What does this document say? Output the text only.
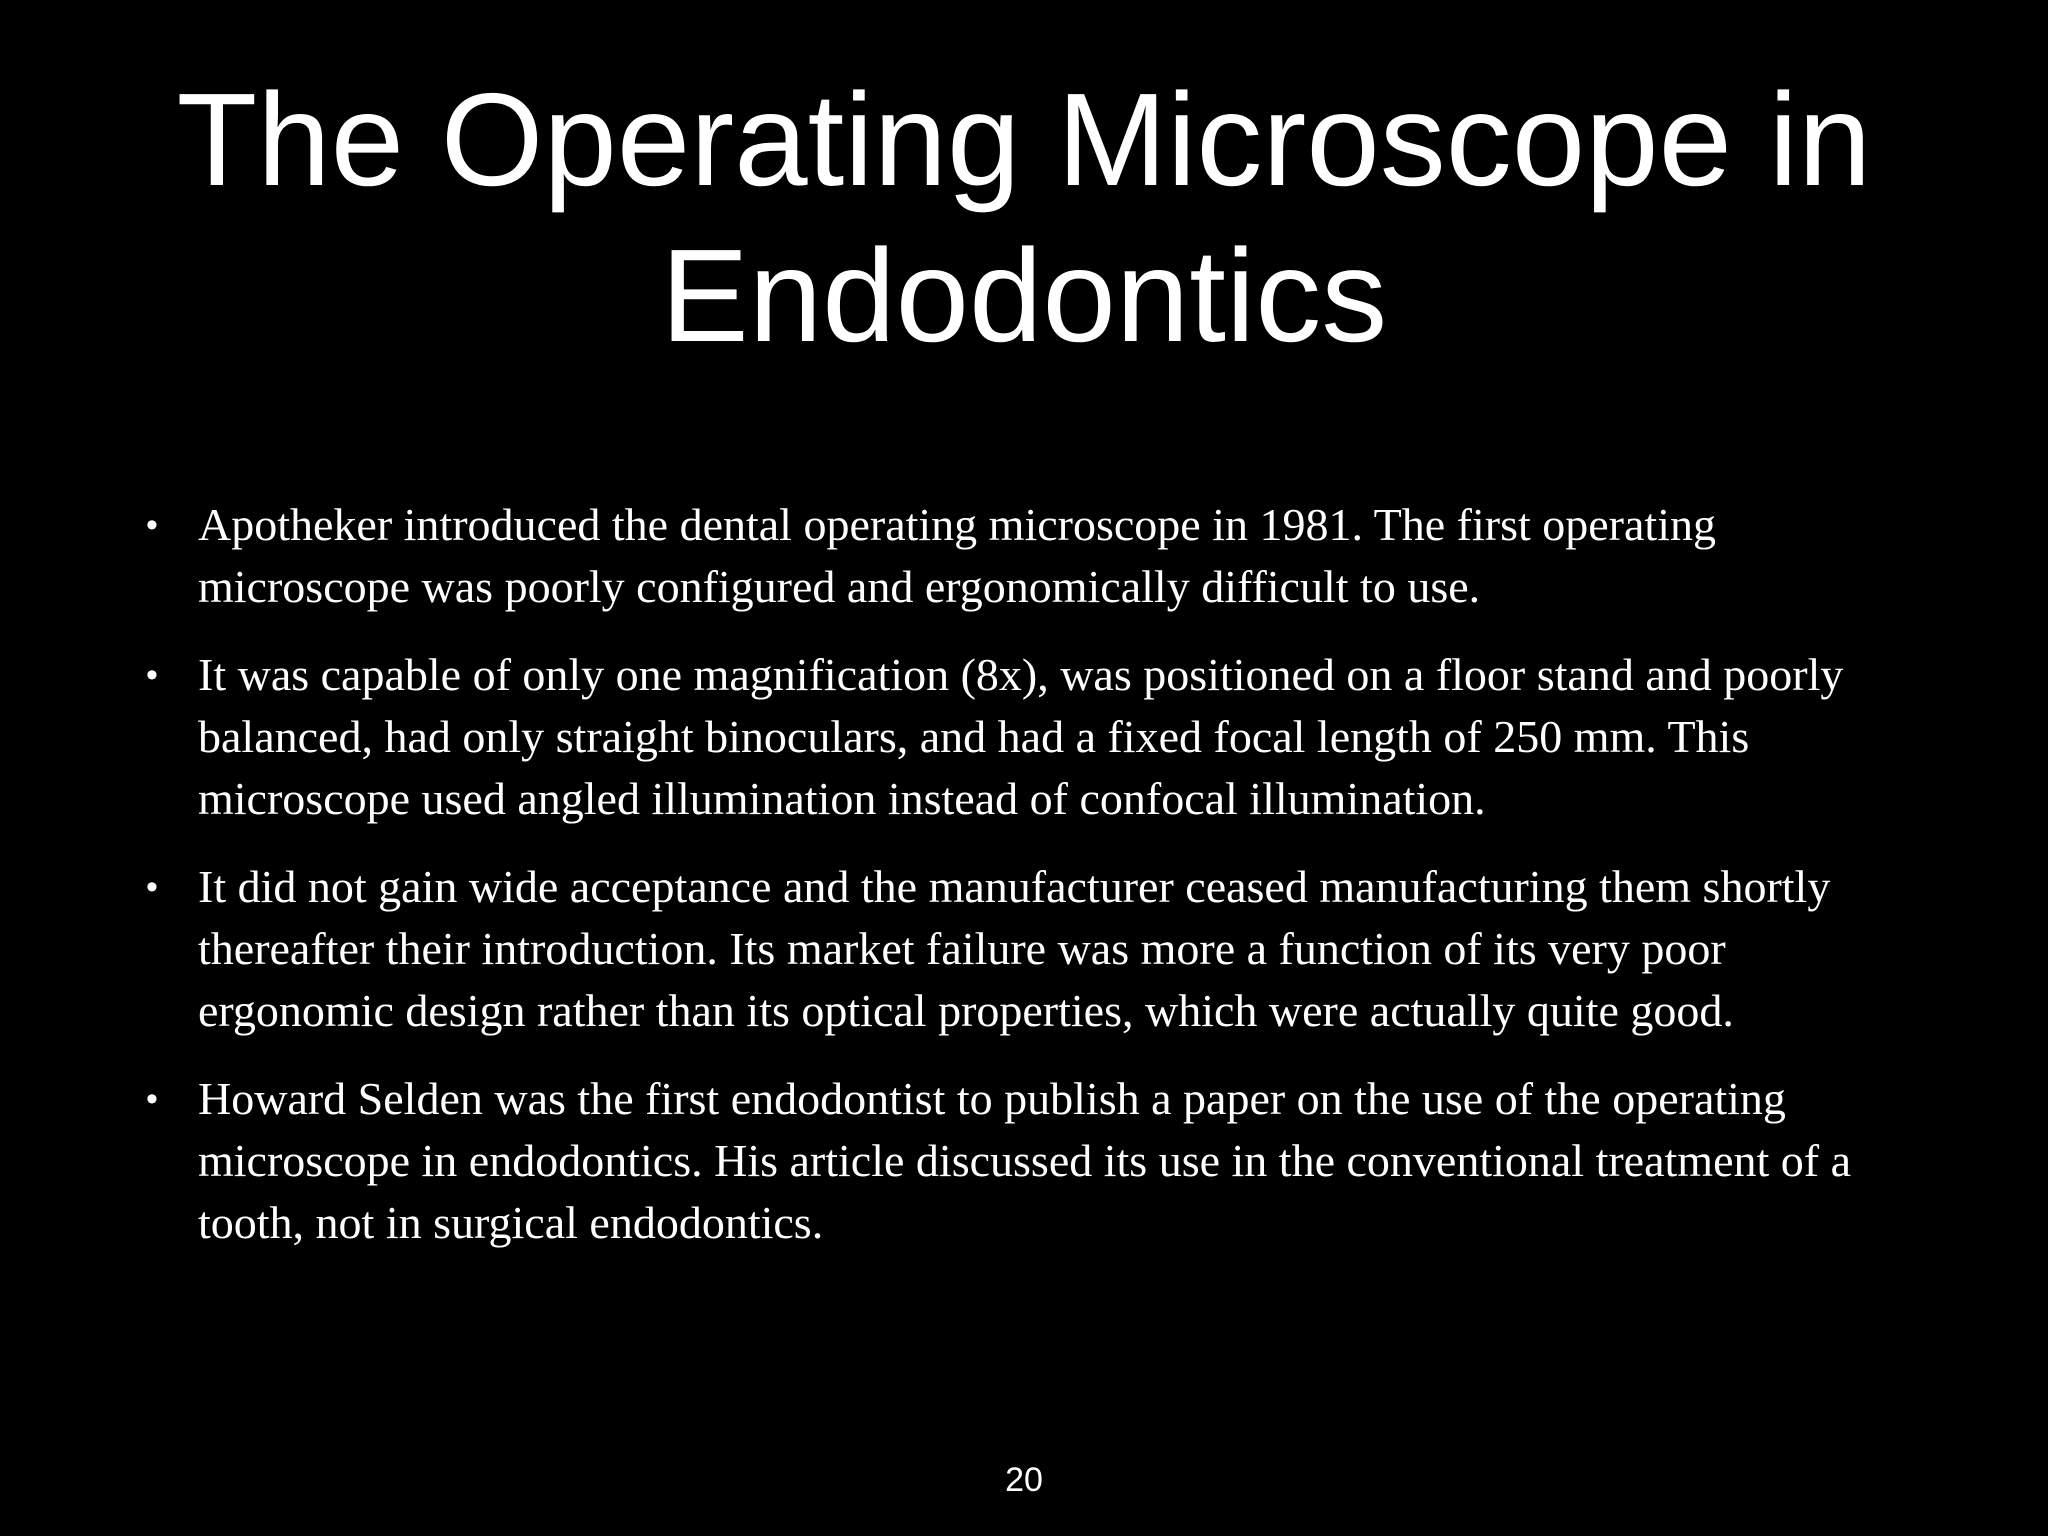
The Operating Microscope in
Endodontics
• Apotheker introduced the dental operating microscope in 1981. The first operating microscope was poorly configured and ergonomically difficult to use.
• It was capable of only one magnification (8x), was positioned on a floor stand and poorly balanced, had only straight binoculars, and had a fixed focal length of 250 mm. This microscope used angled illumination instead of confocal illumination.
• It did not gain wide acceptance and the manufacturer ceased manufacturing them shortly thereafter their introduction. Its market failure was more a function of its very poor ergonomic design rather than its optical properties, which were actually quite good.
• Howard Selden was the first endodontist to publish a paper on the use of the operating microscope in endodontics. His article discussed its use in the conventional treatment of a tooth, not in surgical endodontics.
20
